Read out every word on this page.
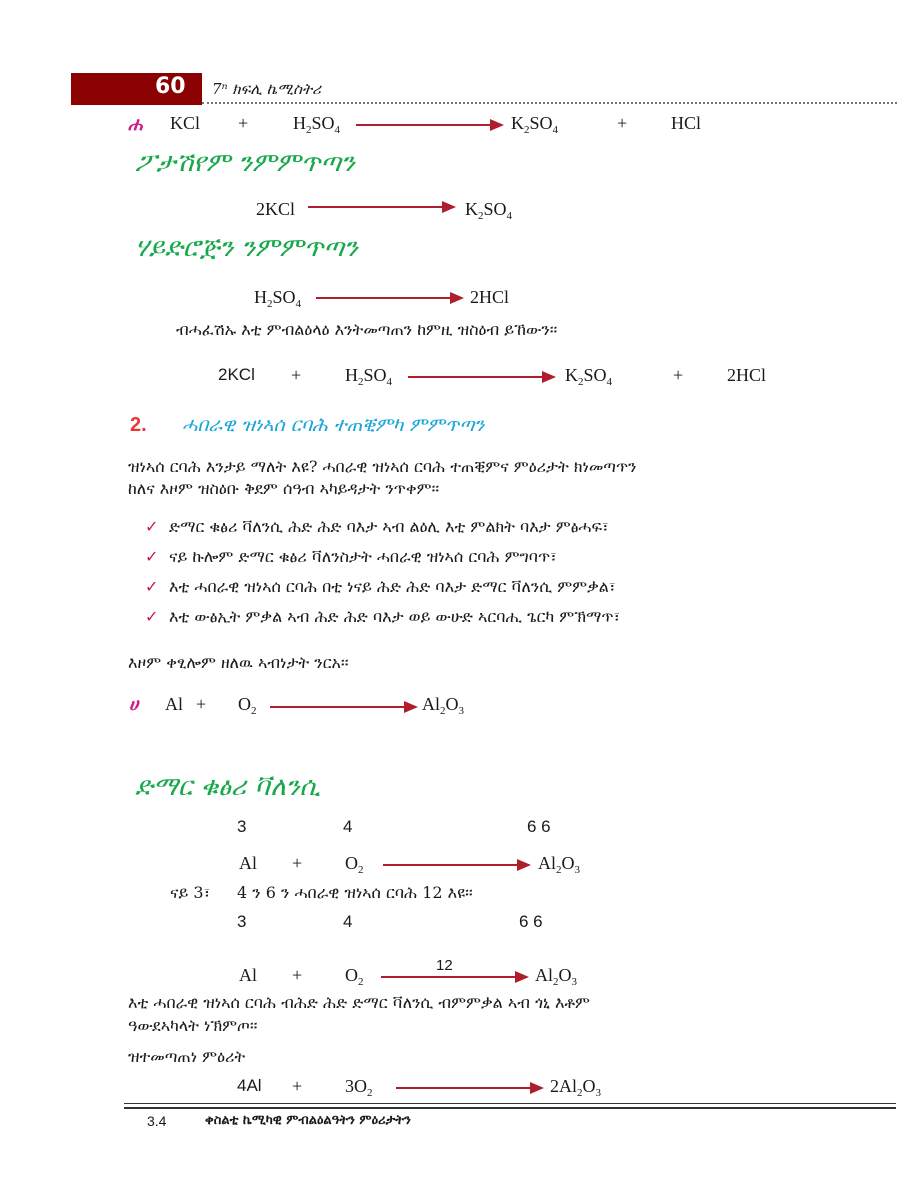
60 7ⁿ ክፍሊ ኬሚስትሪ
ሐ KCl + $H_2SO_4$	$K_2SO_4$	+ HCl
ፖታሽየም ንምምጥጣን
2KCl	$K_2SO_4$
ሃይድሮጅን ንምምጥጣን
$H_2SO_4$	2HCl
ብሓፈሽኡ እቲ ምብልዕላዕ እንትመጣጠን ከምዚ ዝስዕብ ይኸውን፡፡
$2KCl + H_2SO_4$	$K_2SO_4$	+ 2HCl
2. ሓበራዊ ዝነኣሰ ርባሕ ተጠቒምካ ምምጥጣን
ዝነኣሰ ርባሕ እንታይ ማለት እዩ? ሓበራዊ ዝነኣሰ ርባሕ ተጠቒምና ምዕሪታት ክነመጣጥን
ከለና እዞም ዝስዕቡ ቅደም ሰዓብ ኣካይዳታት ንጥቀም፡፡
✓ ድማር ቁፅሪ ቫለንሲ ሕድ ሕድ ባእታ ኣብ ልዕሊ እቲ ምልክት ባእታ ምፅሓፍ፣
✓ ናይ ኩሎም ድማር ቁፅሪ ቫለንስታት ሓበራዊ ዝነኣሰ ርባሕ ምግባጥ፣
✓ እቲ ሓበራዊ ዝነኣሰ ርባሕ በቲ ነናይ ሕድ ሕድ ባእታ ድማር ቫለንሲ ምምቃል፣
✓ እቲ ውፅኢት ምቃል ኣብ ሕድ ሕድ ባእታ ወይ ውሁድ ኣርባሒ ጌርካ ምኽማጥ፣
እዞም ቀፂሎም ዘለዉ ኣብነታት ንርአ፡፡
ሀ $Al + O_2$	$Al_2O_3$
ድማር ቁፅሪ ቫለንሲ
3	4	6 6
$Al + O_2$	$Al_2O_3$
ናይ 3፣ 4 ን 6 ን ሓበራዊ ዝነኣሰ ርባሕ 12 እዩ፡፡
3	4	6 6
$Al + O_2$
12	$Al_2O_3$
እቲ ሓበራዊ ዝነኣሰ ርባሕ ብሕድ ሕድ ድማር ቫለንሲ ብምምቃል ኣብ ጎኒ እቶም
ዓውደኣካላት ነኽምጦ፡፡
ዝተመጣጠነ ምዕሪት
$4Al + 3O_2$	$2Al_2O_3$
3.4	ቀስልቲ ኬሚካዊ ምብልዕልዓትን ምዕሪታትን
